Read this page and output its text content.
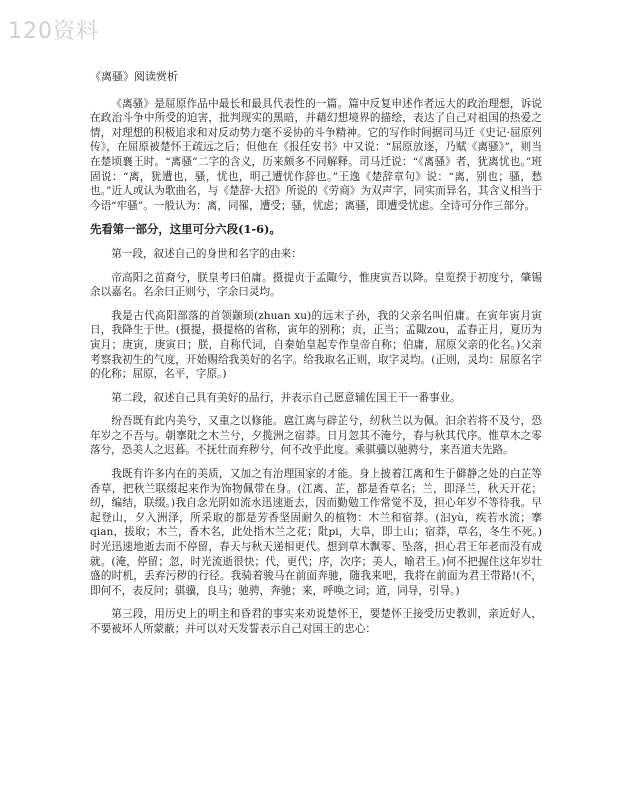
120资料

《离骚》阅读赏析

《离骚》是屈原作品中最长和最具代表性的一篇。篇中反复申述作者远大的政治理想，诉说在政治斗争中所受的迫害，批判现实的黑暗，并藉幻想境界的描绘，表达了自己对祖国的热爱之情，对理想的积极追求和对反动势力毫不妥协的斗争精神。它的写作时间据司马迁《史记·屈原列传》，在屈原被楚怀王疏远之后；但他在《报任安书》中又说：“屈原放逐，乃赋《离骚》”，则当在楚顷襄王时。“离骚”二字的含义，历来颇多不同解释。司马迁说：“《离骚》者，犹离忧也。”班固说：“离，犹遭也，骚，忧也，明己遭忧作辞也。”王逸《楚辞章句》说：“离，别也；骚，愁也。”近人或认为歌曲名，与《楚辞·大招》所说的《劳商》为双声字，同实而异名，其含义相当于今语“牢骚”。一般认为：离，同罹，遭受；骚，忧虑；离骚，即遭受忧虑。全诗可分作三部分。

先看第一部分，这里可分六段(1-6)。

第一段，叙述自己的身世和名字的由来：

帝高阳之苗裔兮，朕皇考曰伯庸。摄提贞于孟陬兮，惟庚寅吾以降。皇览揆于初度兮，肇锡余以嘉名。名余曰正则兮，字余曰灵均。

我是古代高阳部落的首领颛顼(zhuan xu)的远末子孙，我的父亲名叫伯庸。在寅年寅月寅日，我降生于世。(摄提，摄提格的省称，寅年的别称；贞，正当；孟陬zou，孟春正月，夏历为寅月；庚寅，庚寅日；朕，自称代词，自秦始皇起专作皇帝自称；伯庸，屈原父亲的化名。)父亲考察我初生的气度，开始赐给我美好的名字。给我取名正则，取字灵均。(正则，灵均：屈原名字的化称；屈原，名平，字原。)

第二段，叙述自己具有美好的品行，并表示自己愿意辅佐国王干一番事业。

纷吾既有此内美兮，又重之以修能。扈江离与辟芷兮，纫秋兰以为佩。汩余若将不及兮，恐年岁之不吾与。朝搴阰之木兰兮，夕揽洲之宿莽。日月忽其不淹兮，春与秋其代序。惟草木之零落兮，恐美人之迟暮。不抚壮而弃秽兮，何不改乎此度。乘骐骥以驰骋兮，来吾道夫先路。

我既有许多内在的美质，又加之有治理国家的才能。身上披着江离和生于僻静之处的白芷等香草，把秋兰联缀起来作为饰物佩带在身。(江离、芷，都是香草名；兰，即泽兰，秋天开花；纫，编结，联缀。)我自念光阴如流水迅速逝去，因而勤勉工作常觉不及，担心年岁不等待我。早起登山，夕入洲泽，所采取的都是芳香坚固耐久的植物：木兰和宿莽。(汩yù，疾若水流；搴qian，拔取；木兰，香木名，此处指木兰之花；阰pi，大阜，即土山；宿莽，草名，冬生不死。)时光迅速地逝去而不停留，春天与秋天递相更代。想到草木飘零、坠落，担心君王年老而没有成就。(淹，停留；忽，时光流逝很快；代，更代；序，次序；美人，喻君王。)何不把握住这年岁壮盛的时机，丢弃污秽的行径。我骑着骏马在前面奔驰，随我来吧，我将在前面为君王带路!(不，即何不，表反问；骐骥，良马；驰骋，奔驰；来，呼唤之词；道，同导，引导。)

第三段，用历史上的明主和昏君的事实来劝说楚怀王，要楚怀王接受历史教训，亲近好人，不要被坏人所蒙蔽；并可以对天发誓表示自己对国王的忠心：
